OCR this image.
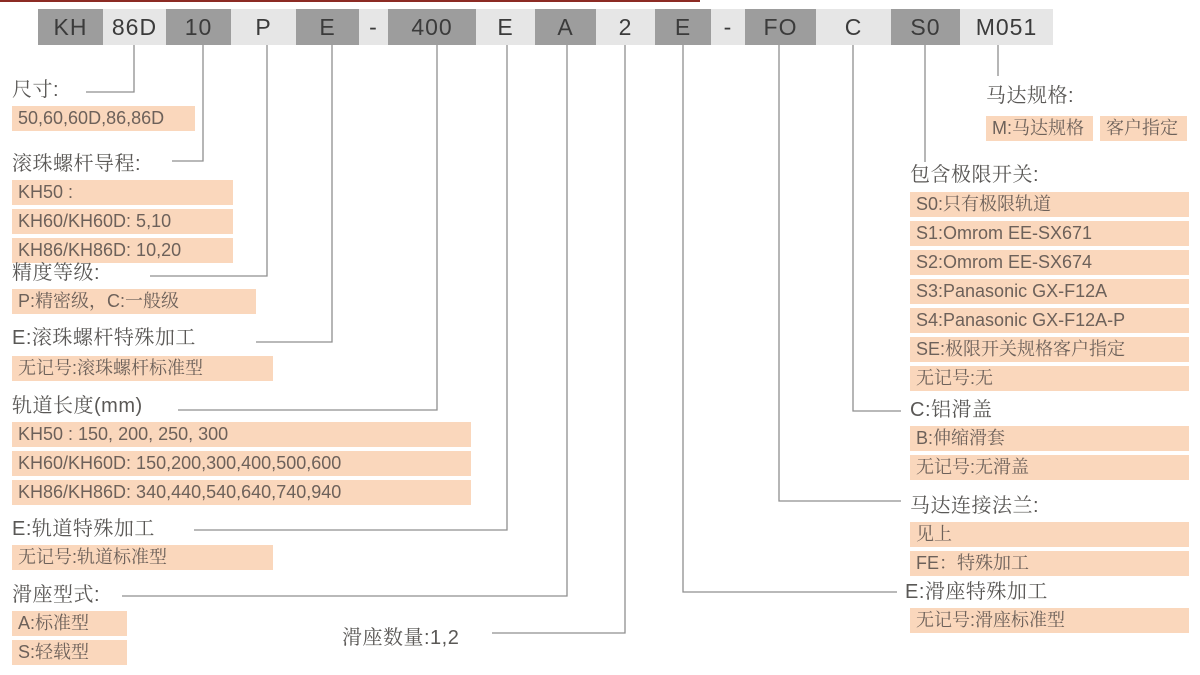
KH	86D	10	P	E	-	400	E	A	2	E	-	FO	C	S0	M051
尺寸:
50,60,60D,86,86D
滚珠螺杆导程:
KH50 :
KH60/KH60D: 5,10
KH86/KH86D: 10,20
精度等级:
P:精密级，C:一般级
E:滚珠螺杆特殊加工
无记号:滚珠螺杆标准型
轨道长度(mm)
KH50 : 150, 200, 250, 300
KH60/KH60D: 150,200,300,400,500,600
KH86/KH86D: 340,440,540,640,740,940
E:轨道特殊加工
无记号:轨道标准型
滑座型式:
A:标准型
S:轻载型
滑座数量:1,2
马达规格:
M:马达规格 客户指定
包含极限开关:
S0:只有极限轨道
S1:Omrom EE-SX671
S2:Omrom EE-SX674
S3:Panasonic GX-F12A
S4:Panasonic GX-F12A-P
SE:极限开关规格客户指定
无记号:无
C:铝滑盖
B:伸缩滑套
无记号:无滑盖
马达连接法兰:
见上
FE：特殊加工
E:滑座特殊加工
无记号:滑座标准型
